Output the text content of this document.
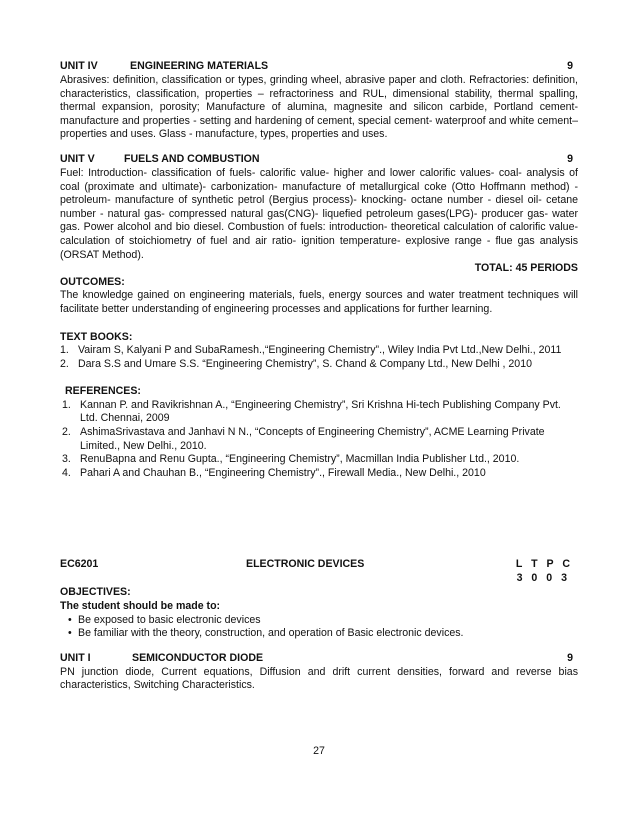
UNIT IV	ENGINEERING MATERIALS	9

Abrasives: definition, classification or types, grinding wheel, abrasive paper and cloth. Refractories: definition, characteristics, classification, properties – refractoriness and RUL, dimensional stability, thermal spalling, thermal expansion, porosity; Manufacture of alumina, magnesite and silicon carbide, Portland cement- manufacture and properties - setting and hardening of cement, special cement- waterproof and white cement–properties and uses. Glass - manufacture, types, properties and uses.

UNIT V	FUELS AND COMBUSTION	9

Fuel: Introduction- classification of fuels- calorific value- higher and lower calorific values- coal- analysis of coal (proximate and ultimate)- carbonization- manufacture of metallurgical coke (Otto Hoffmann method) - petroleum- manufacture of synthetic petrol (Bergius process)- knocking- octane number - diesel oil- cetane number - natural gas- compressed natural gas(CNG)- liquefied petroleum gases(LPG)- producer gas- water gas. Power alcohol and bio diesel. Combustion of fuels: introduction- theoretical calculation of calorific value- calculation of stoichiometry of fuel and air ratio- ignition temperature- explosive range - flue gas analysis (ORSAT Method).

TOTAL: 45 PERIODS

OUTCOMES:

The knowledge gained on engineering materials, fuels, energy sources and water treatment techniques will facilitate better understanding of engineering processes and applications for further learning.

TEXT BOOKS:

1. Vairam S, Kalyani P and SubaRamesh.,“Engineering Chemistry”., Wiley India Pvt Ltd.,New Delhi., 2011
2. Dara S.S and Umare S.S. “Engineering Chemistry”, S. Chand & Company Ltd., New Delhi , 2010

REFERENCES:

1. Kannan P. and Ravikrishnan A., “Engineering Chemistry”, Sri Krishna Hi-tech Publishing Company Pvt. Ltd. Chennai, 2009
2. AshimaSrivastava and Janhavi N N., “Concepts of Engineering Chemistry”, ACME Learning Private Limited., New Delhi., 2010.
3. RenuBapna and Renu Gupta., “Engineering Chemistry”, Macmillan India Publisher Ltd., 2010.
4. Pahari A and Chauhan B., “Engineering Chemistry”., Firewall Media., New Delhi., 2010
EC6201	ELECTRONIC DEVICES	L T P C
3 0 0 3

OBJECTIVES:

The student should be made to:

• Be exposed to basic electronic devices
• Be familiar with the theory, construction, and operation of Basic electronic devices.
UNIT I	SEMICONDUCTOR DIODE	9

PN junction diode, Current equations, Diffusion and drift current densities, forward and reverse bias characteristics, Switching Characteristics.

27
